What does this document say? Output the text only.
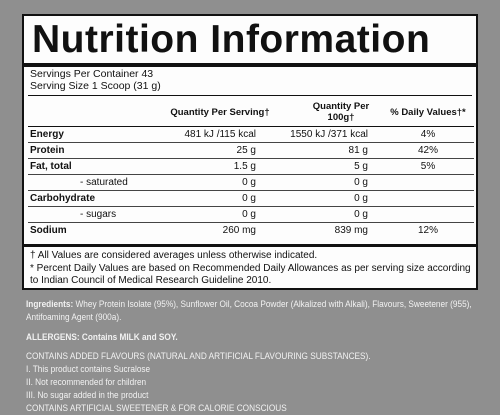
Nutrition Information
Servings Per Container 43
Serving Size 1 Scoop (31 g)
	Quantity Per Serving†	Quantity Per 100g†	% Daily Values†*
Energy	481 kJ /115 kcal	1550 kJ /371 kcal	4%
Protein	25 g	81 g	42%
Fat, total	1.5 g	5 g	5%
- saturated	0 g	0 g	
Carbohydrate	0 g	0 g	
- sugars	0 g	0 g	
Sodium	260 mg	839 mg	12%

† All Values are considered averages unless otherwise indicated.

* Percent Daily Values are based on Recommended Daily Allowances as per serving size according to Indian Council of Medical Research Guideline 2010.

Ingredients: Whey Protein Isolate (95%), Sunflower Oil, Cocoa Powder (Alkalized with Alkali), Flavours, Sweetener (955), Antifoaming Agent (900a).

ALLERGENS: Contains MILK and SOY.

CONTAINS ADDED FLAVOURS (NATURAL AND ARTIFICIAL FLAVOURING SUBSTANCES).

I. This product contains Sucralose

II. Not recommended for children

III. No sugar added in the product

CONTAINS ARTIFICIAL SWEETENER & FOR CALORIE CONSCIOUS
